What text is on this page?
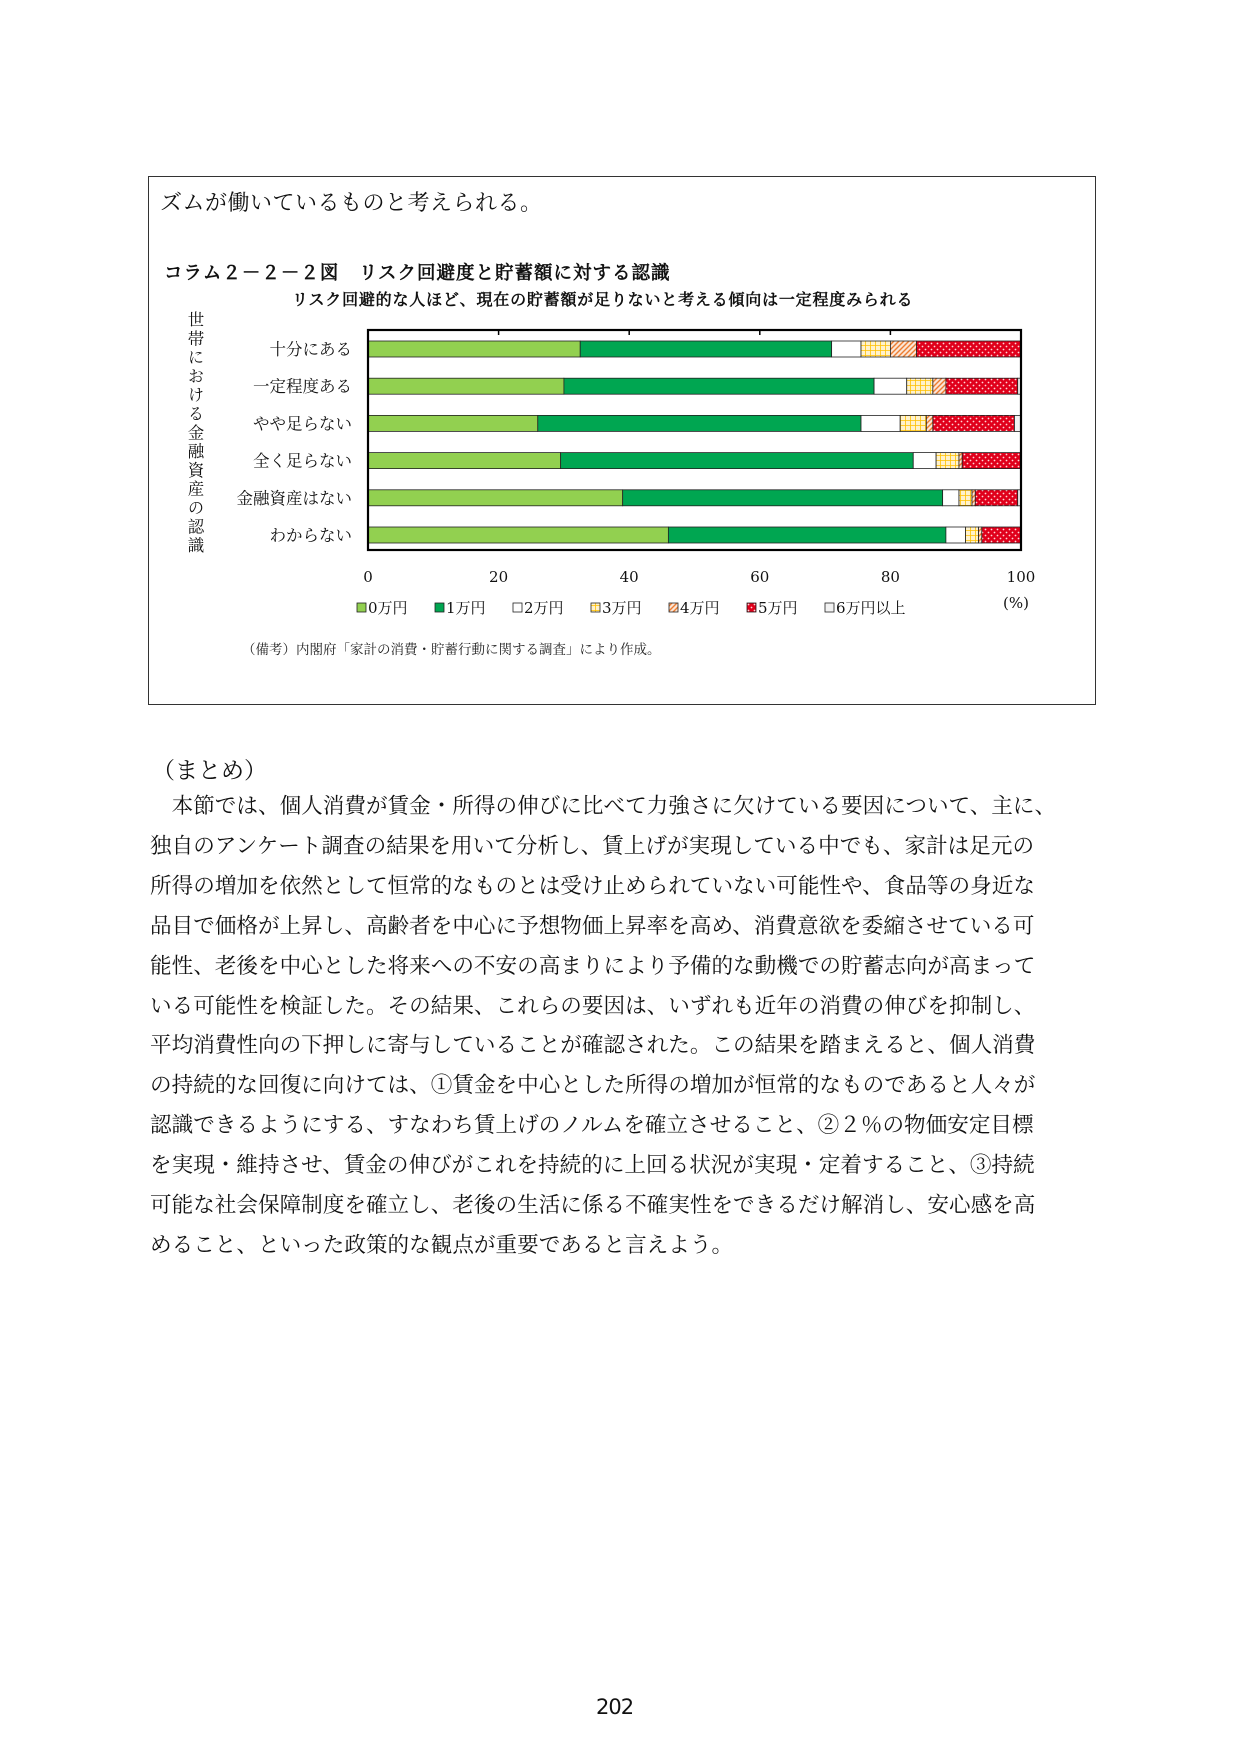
ズムが働いているものと考えられる。
コラム２－２－２図　リスク回避度と貯蓄額に対する認識
リスク回避的な人ほど、現在の貯蓄額が足りないと考える傾向は一定程度みられる
世帯における金融資産の認識	十分にある
一定程度ある
やや足らない
全く足らない
金融資産はない
わからない
0	20	40	60	80	100
(%)
0万円	1万円	2万円	3万円	4万円	5万円	6万円以上
（備考）内閣府「家計の消費・貯蓄行動に関する調査」により作成。
（まとめ）
　本節では、個人消費が賃金・所得の伸びに比べて力強さに欠けている要因について、主に、
独自のアンケート調査の結果を用いて分析し、賃上げが実現している中でも、家計は足元の
所得の増加を依然として恒常的なものとは受け止められていない可能性や、食品等の身近な
品目で価格が上昇し、高齢者を中心に予想物価上昇率を高め、消費意欲を委縮させている可
能性、老後を中心とした将来への不安の高まりにより予備的な動機での貯蓄志向が高まって
いる可能性を検証した。その結果、これらの要因は、いずれも近年の消費の伸びを抑制し、
平均消費性向の下押しに寄与していることが確認された。この結果を踏まえると、個人消費
の持続的な回復に向けては、①賃金を中心とした所得の増加が恒常的なものであると人々が
認識できるようにする、すなわち賃上げのノルムを確立させること、②２％の物価安定目標
を実現・維持させ、賃金の伸びがこれを持続的に上回る状況が実現・定着すること、③持続
可能な社会保障制度を確立し、老後の生活に係る不確実性をできるだけ解消し、安心感を高
めること、といった政策的な観点が重要であると言えよう。
202
